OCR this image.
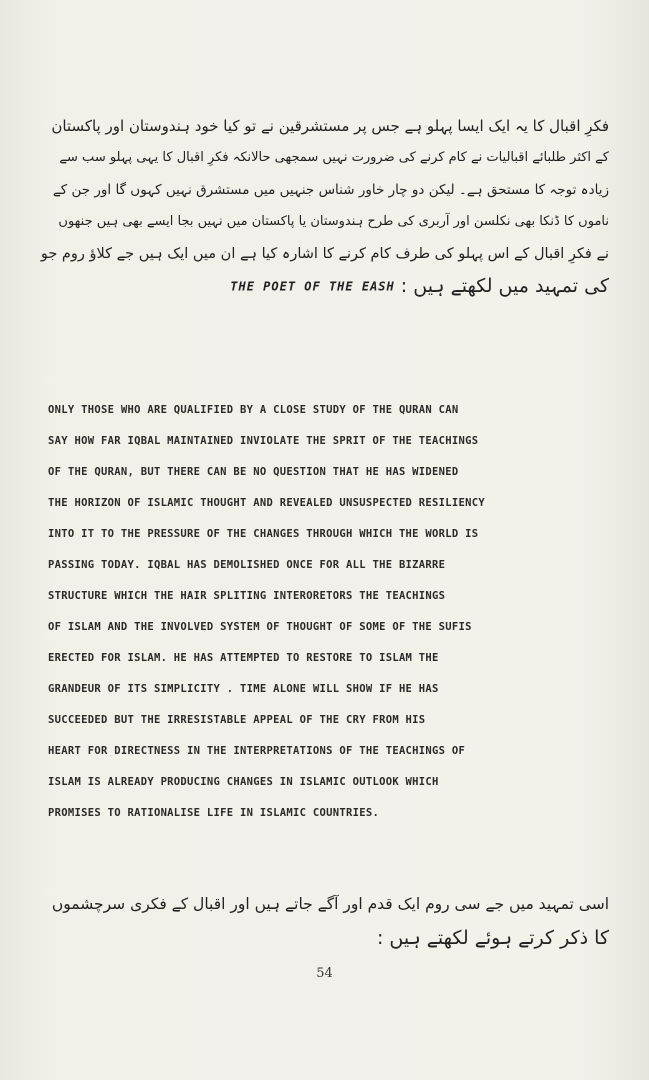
فکرِ اقبال کا یہ ایک ایسا پہلو ہے جس پر مستشرقین نے تو کیا خود ہندوستان اور پاکستان
کے اکثر طلبائے اقبالیات نے کام کرنے کی ضرورت نہیں سمجھی حالانکہ فکرِ اقبال کا یہی پہلو سب سے
زیادہ توجہ کا مستحق ہے۔ لیکن دو چار خاور شناس جنہیں میں مستشرق نہیں کہوں گا اور جن کے
ناموں کا ڈنکا بھی نکلسن اور آربری کی طرح ہندوستان یا پاکستان میں نہیں بجا ایسے بھی ہیں جنھوں
نے فکرِ اقبال کے اس پہلو کی طرف کام کرنے کا اشارہ کیا ہے ان میں ایک ہیں جے کلاؤ روم جو
کی تمہید میں لکھتے ہیں : THE POET OF THE EASH
ONLY THOSE WHO ARE QUALIFIED BY A CLOSE STUDY OF THE QURAN CAN
SAY HOW FAR IQBAL MAINTAINED INVIOLATE THE SPRIT OF THE TEACHINGS
OF THE QURAN, BUT THERE CAN BE NO QUESTION THAT HE HAS WIDENED
THE HORIZON OF ISLAMIC THOUGHT AND REVEALED UNSUSPECTED RESILIENCY
INTO IT TO THE PRESSURE OF THE CHANGES THROUGH WHICH THE WORLD IS
PASSING TODAY. IQBAL HAS DEMOLISHED ONCE FOR ALL THE BIZARRE
STRUCTURE WHICH THE HAIR SPLITING INTERORETORS THE TEACHINGS
OF ISLAM AND THE INVOLVED SYSTEM OF THOUGHT OF SOME OF THE SUFIS
ERECTED FOR ISLAM. HE HAS ATTEMPTED TO RESTORE TO ISLAM THE
GRANDEUR OF ITS SIMPLICITY . TIME ALONE WILL SHOW IF HE HAS
SUCCEEDED BUT THE IRRESISTABLE APPEAL OF THE CRY FROM HIS
HEART FOR DIRECTNESS IN THE INTERPRETATIONS OF THE TEACHINGS OF
ISLAM IS ALREADY PRODUCING CHANGES IN ISLAMIC OUTLOOK WHICH
PROMISES TO RATIONALISE LIFE IN ISLAMIC COUNTRIES.
اسی تمہید میں جے سی روم ایک قدم اور آگے جاتے ہیں اور اقبال کے فکری سرچشموں
کا ذکر کرتے ہوئے لکھتے ہیں :
54
